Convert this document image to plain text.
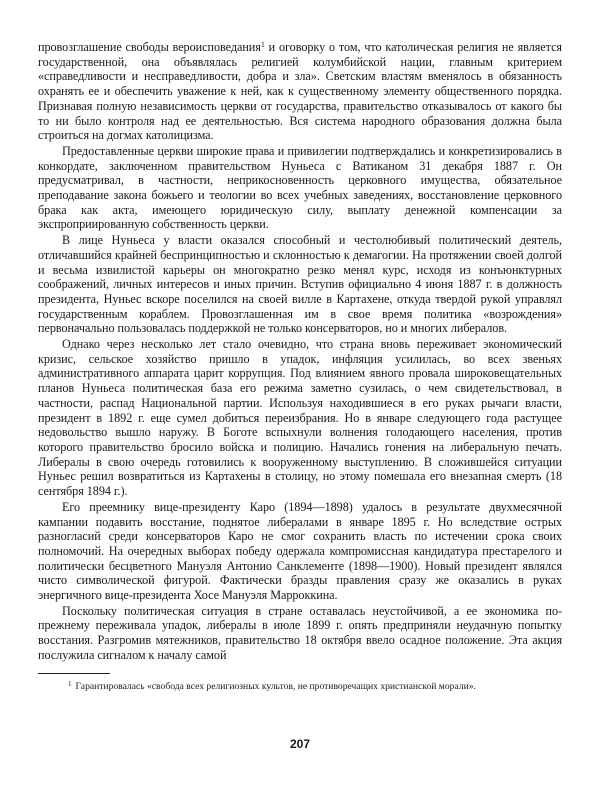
провозглашение свободы вероисповедания$^1$ и оговорку о том, что католическая религия не является государственной, она объявлялась религией колумбийской нации, главным критерием «справедливости и несправедливости, добра и зла». Светским властям вменялось в обязанность охранять ее и обеспечить уважение к ней, как к существенному элементу общественного порядка. Признавая полную независимость церкви от государства, правительство отказывалось от какого бы то ни было контроля над ее деятельностью. Вся система народного образования должна была строиться на догмах католицизма.

Предоставленные церкви широкие права и привилегии подтверждались и конкретизировались в конкордате, заключенном правительством Нуньеса с Ватиканом 31 декабря 1887 г. Он предусматривал, в частности, неприкосновенность церковного имущества, обязательное преподавание закона божьего и теологии во всех учебных заведениях, восстановление церковного брака как акта, имеющего юридическую силу, выплату денежной компенсации за экспроприированную собственность церкви.

В лице Нуньеса у власти оказался способный и честолюбивый политический деятель, отличавшийся крайней беспринципностью и склонностью к демагогии. На протяжении своей долгой и весьма извилистой карьеры он многократно резко менял курс, исходя из конъюнктурных соображений, личных интересов и иных причин. Вступив официально 4 июня 1887 г. в должность президента, Нуньес вскоре поселился на своей вилле в Картахене, откуда твердой рукой управлял государственным кораблем. Провозглашенная им в свое время политика «возрождения» первоначально пользовалась поддержкой не только консерваторов, но и многих либералов.

Однако через несколько лет стало очевидно, что страна вновь переживает экономический кризис, сельское хозяйство пришло в упадок, инфляция усилилась, во всех звеньях административного аппарата царит коррупция. Под влиянием явного провала широковещательных планов Нуньеса политическая база его режима заметно сузилась, о чем свидетельствовал, в частности, распад Национальной партии. Используя находившиеся в его руках рычаги власти, президент в 1892 г. еще сумел добиться переизбрания. Но в январе следующего года растущее недовольство вышло наружу. В Боготе вспыхнули волнения голодающего населения, против которого правительство бросило войска и полицию. Начались гонения на либеральную печать. Либералы в свою очередь готовились к вооруженному выступлению. В сложившейся ситуации Нуньес решил возвратиться из Картахены в столицу, но этому помешала его внезапная смерть (18 сентября 1894 г.).

Его преемнику вице-президенту Каро (1894—1898) удалось в результате двухмесячной кампании подавить восстание, поднятое либералами в январе 1895 г. Но вследствие острых разногласий среди консерваторов Каро не смог сохранить власть по истечении срока своих полномочий. На очередных выборах победу одержала компромиссная кандидатура престарелого и политически бесцветного Мануэля Антонио Санклементе (1898—1900). Новый президент являлся чисто символической фигурой. Фактически бразды правления сразу же оказались в руках энергичного вице-президента Хосе Мануэля Марроккина.

Поскольку политическая ситуация в стране оставалась неустойчивой, а ее экономика по-прежнему переживала упадок, либералы в июле 1899 г. опять предприняли неудачную попытку восстания. Разгромив мятежников, правительство 18 октября ввело осадное положение. Эта акция послужила сигналом к началу самой

$^1$ Гарантировалась «свобода всех религиозных культов, не противоречащих христианской морали».

207
